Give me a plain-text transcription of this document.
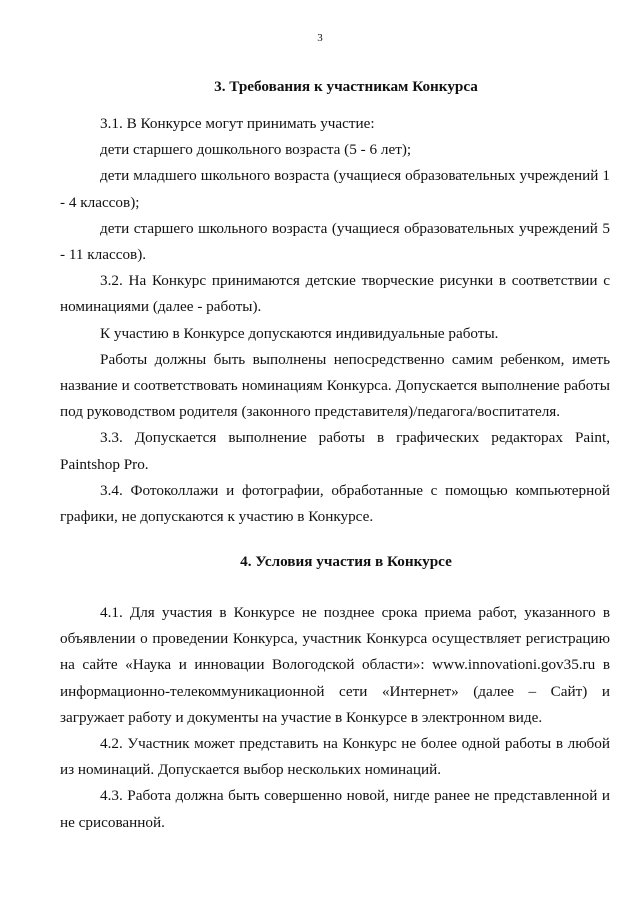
3
3. Требования к участникам Конкурса

3.1. В Конкурсе могут принимать участие:

дети старшего дошкольного возраста (5 - 6 лет);

дети младшего школьного возраста (учащиеся образовательных учреждений 1 - 4 классов);

дети старшего школьного возраста (учащиеся образовательных учреждений 5 - 11 классов).

3.2. На Конкурс принимаются детские творческие рисунки в соответствии с номинациями (далее - работы).

К участию в Конкурсе допускаются индивидуальные работы.

Работы должны быть выполнены непосредственно самим ребенком, иметь название и соответствовать номинациям Конкурса. Допускается выполнение работы под руководством родителя (законного представителя)/педагога/воспитателя.

3.3. Допускается выполнение работы в графических редакторах Paint, Paintshop Pro.

3.4. Фотоколлажи и фотографии, обработанные с помощью компьютерной графики, не допускаются к участию в Конкурсе.

4. Условия участия в Конкурсе

4.1. Для участия в Конкурсе не позднее срока приема работ, указанного в объявлении о проведении Конкурса, участник Конкурса осуществляет регистрацию на сайте «Наука и инновации Вологодской области»: www.innovationi.gov35.ru в информационно-телекоммуникационной сети «Интернет» (далее – Сайт) и загружает работу и документы на участие в Конкурсе в электронном виде.

4.2. Участник может представить на Конкурс не более одной работы в любой из номинаций. Допускается выбор нескольких номинаций.

4.3. Работа должна быть совершенно новой, нигде ранее не представленной и не срисованной.
